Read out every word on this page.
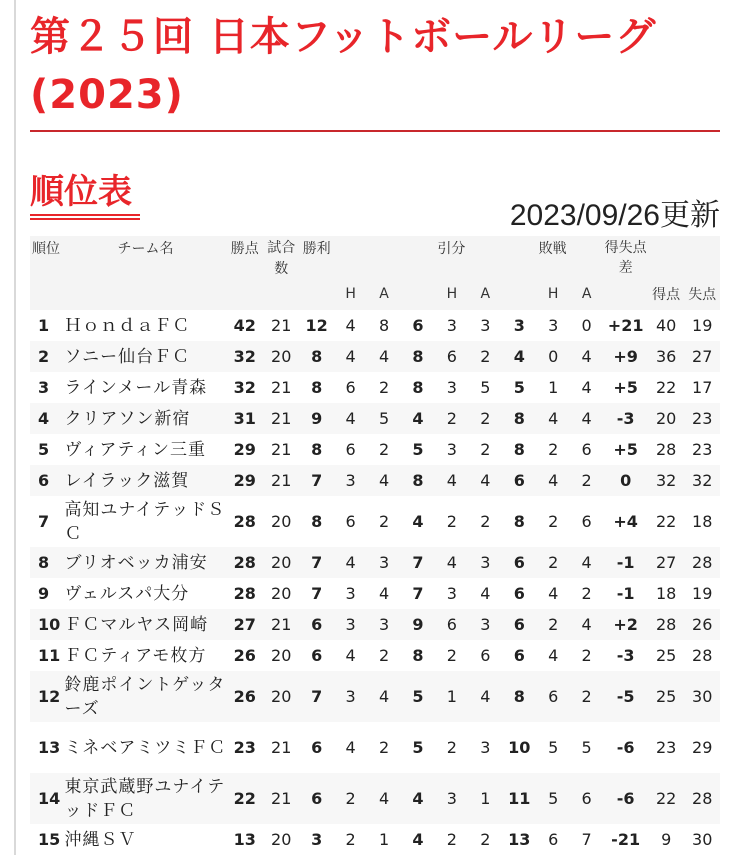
第２５回 日本フットボールリーグ(2023)
順位表
2023/09/26更新
順位	チーム名	勝点	試合数	勝利			引分			敗戦			得失点差		
					H	A		H	A		H	A		得点	失点
1	ＨｏｎｄａＦＣ	42	21	12	4	8	6	3	3	3	3	0	+21	40	19
2	ソニー仙台ＦＣ	32	20	8	4	4	8	6	2	4	0	4	+9	36	27
3	ラインメール青森	32	21	8	6	2	8	3	5	5	1	4	+5	22	17
4	クリアソン新宿	31	21	9	4	5	4	2	2	8	4	4	-3	20	23
5	ヴィアティン三重	29	21	8	6	2	5	3	2	8	2	6	+5	28	23
6	レイラック滋賀	29	21	7	3	4	8	4	4	6	4	2	0	32	32
7	高知ユナイテッドＳＣ	28	20	8	6	2	4	2	2	8	2	6	+4	22	18
8	ブリオベッカ浦安	28	20	7	4	3	7	4	3	6	2	4	-1	27	28
9	ヴェルスパ大分	28	20	7	3	4	7	3	4	6	4	2	-1	18	19
10	ＦＣマルヤス岡崎	27	21	6	3	3	9	6	3	6	2	4	+2	28	26
11	ＦＣティアモ枚方	26	20	6	4	2	8	2	6	6	4	2	-3	25	28
12	鈴鹿ポイントゲッターズ	26	20	7	3	4	5	1	4	8	6	2	-5	25	30
13	ミネベアミツミＦＣ	23	21	6	4	2	5	2	3	10	5	5	-6	23	29
14	東京武蔵野ユナイテッドＦＣ	22	21	6	2	4	4	3	1	11	5	6	-6	22	28
15	沖縄ＳＶ	13	20	3	2	1	4	2	2	13	6	7	-21	9	30
